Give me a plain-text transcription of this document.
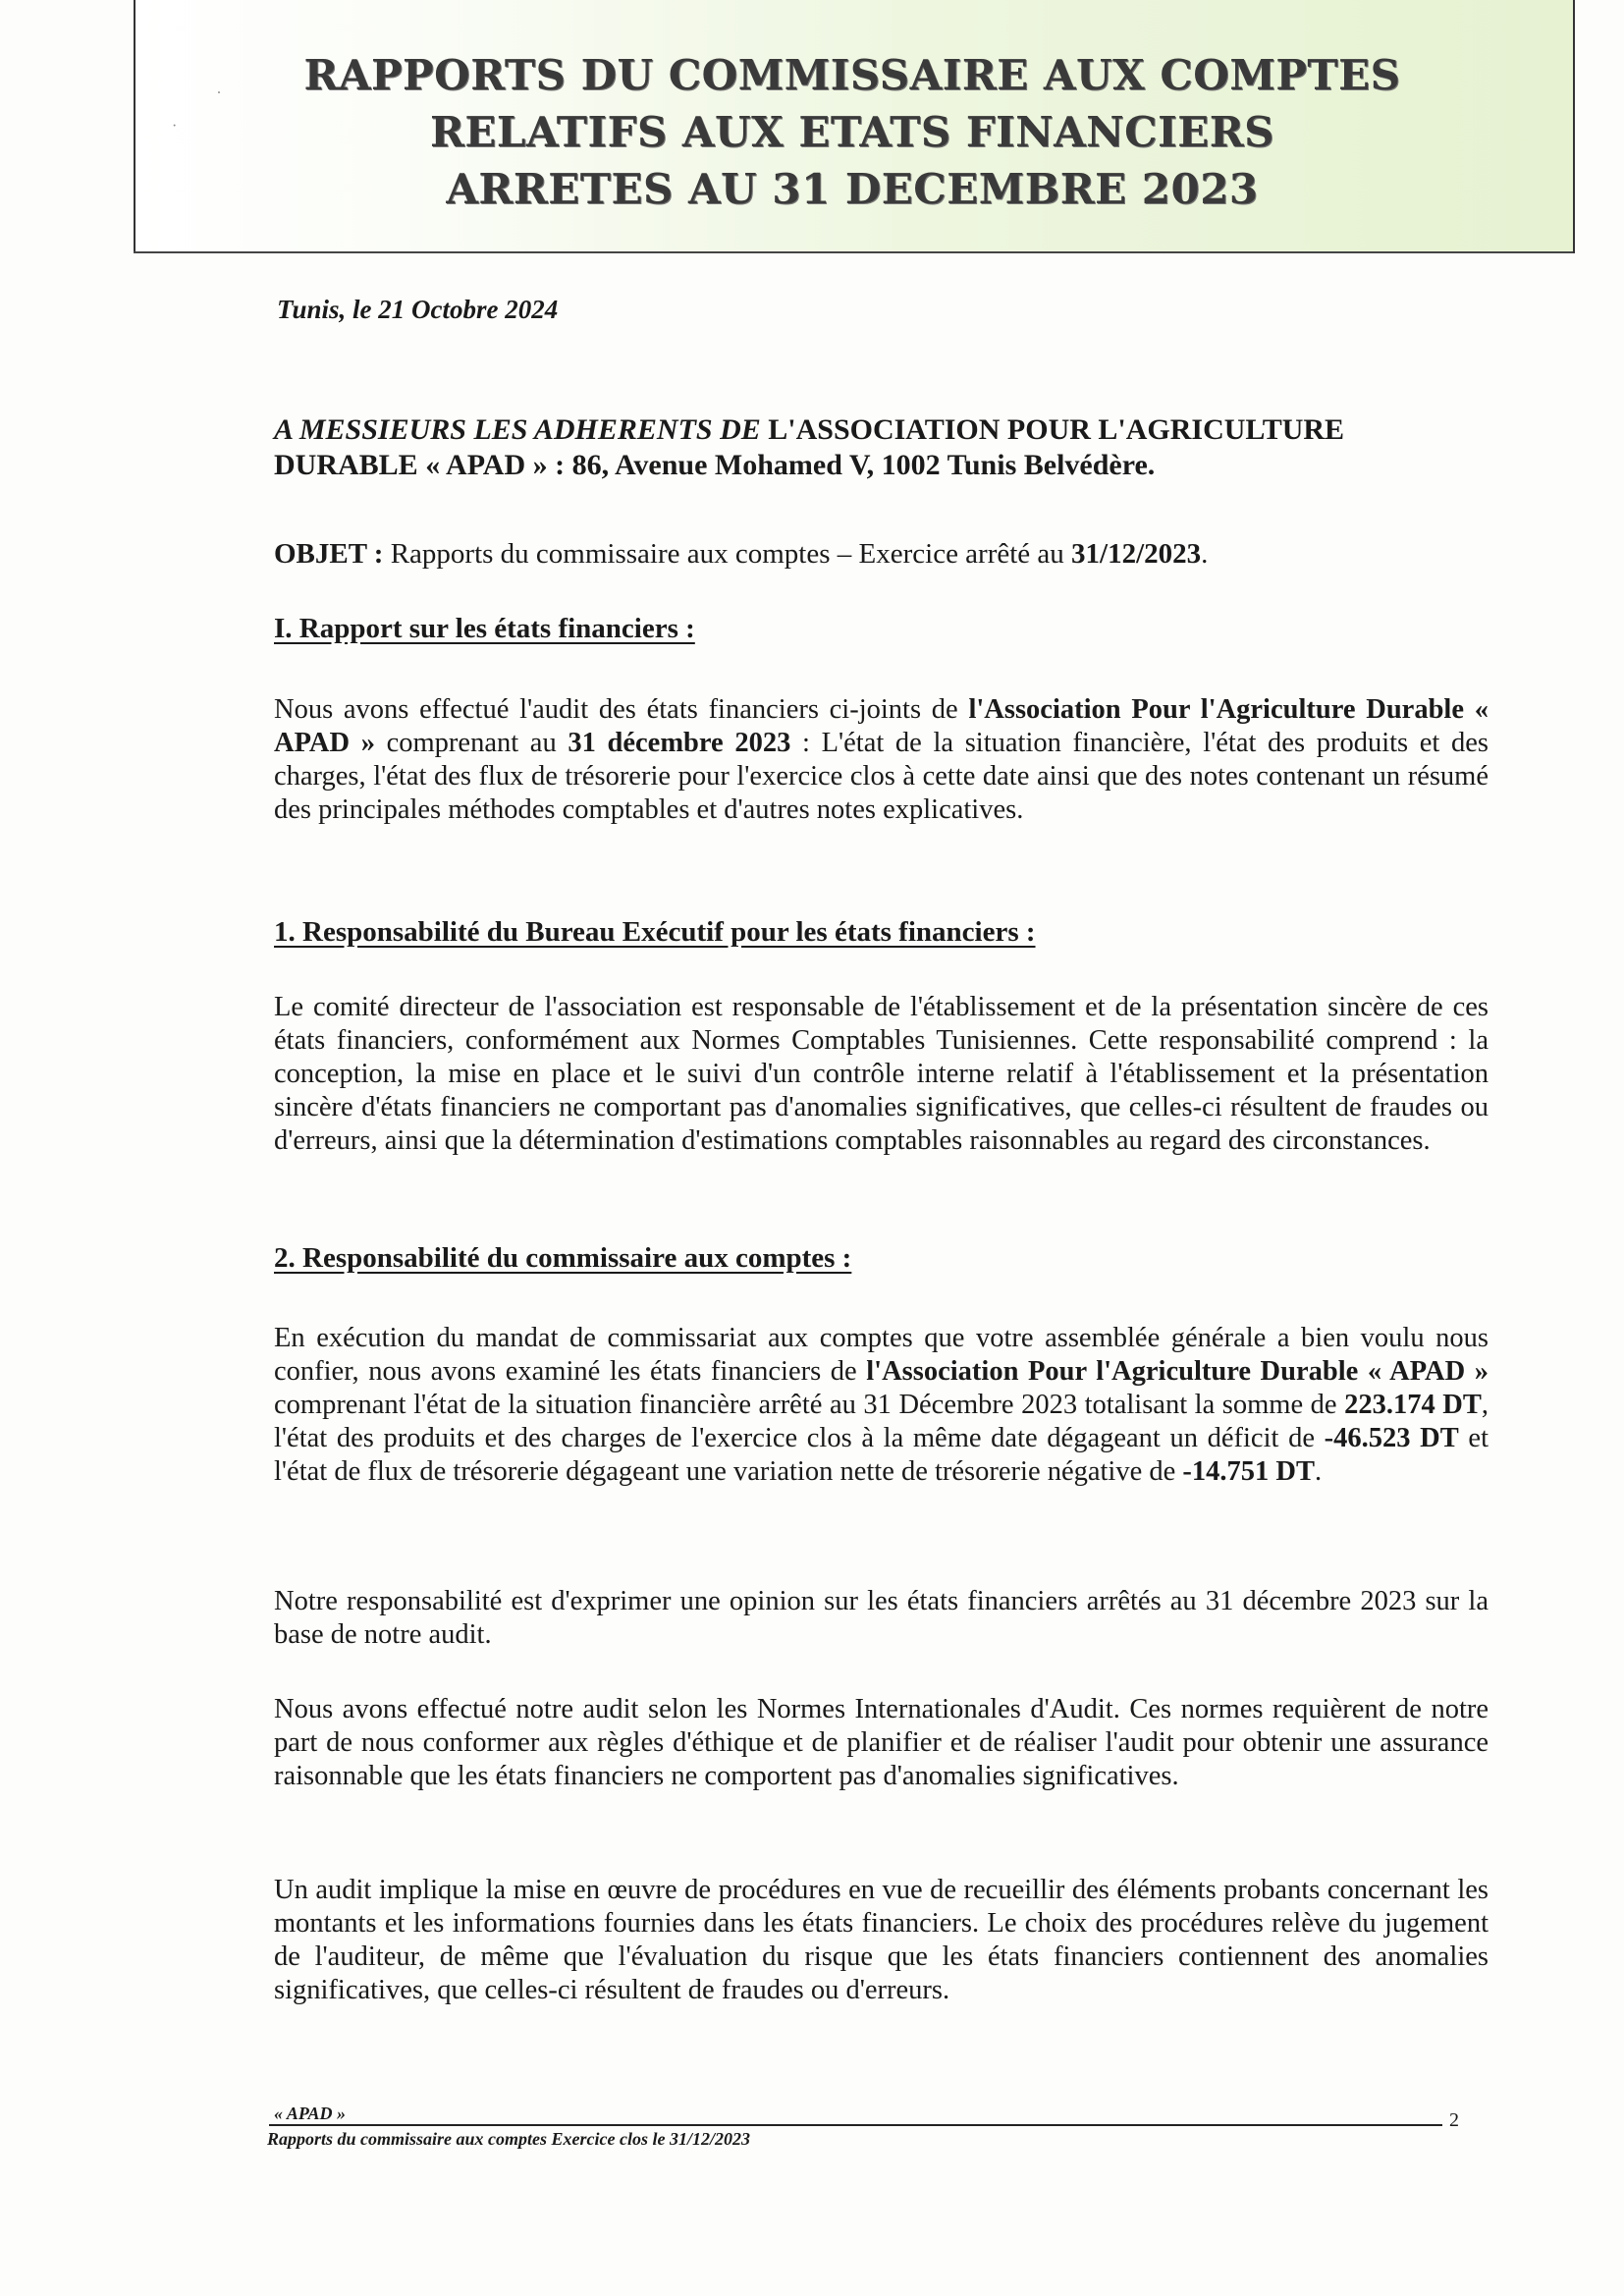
RAPPORTS DU COMMISSAIRE AUX COMPTES
RELATIFS AUX ETATS FINANCIERS
ARRETES AU 31 DECEMBRE 2023
.
·
Tunis, le 21 Octobre 2024
A MESSIEURS LES ADHERENTS DE L'ASSOCIATION POUR L'AGRICULTURE DURABLE « APAD » : 86, Avenue Mohamed V, 1002 Tunis Belvédère.
OBJET : Rapports du commissaire aux comptes – Exercice arrêté au 31/12/2023.
I. Rapport sur les états financiers :
Nous avons effectué l'audit des états financiers ci-joints de l'Association Pour l'Agriculture Durable « APAD » comprenant au 31 décembre 2023 : L'état de la situation financière, l'état des produits et des charges, l'état des flux de trésorerie pour l'exercice clos à cette date ainsi que des notes contenant un résumé des principales méthodes comptables et d'autres notes explicatives.
1. Responsabilité du Bureau Exécutif pour les états financiers :
Le comité directeur de l'association est responsable de l'établissement et de la présentation sincère de ces états financiers, conformément aux Normes Comptables Tunisiennes. Cette responsabilité comprend : la conception, la mise en place et le suivi d'un contrôle interne relatif à l'établissement et la présentation sincère d'états financiers ne comportant pas d'anomalies significatives, que celles-ci résultent de fraudes ou d'erreurs, ainsi que la détermination d'estimations comptables raisonnables au regard des circonstances.
2. Responsabilité du commissaire aux comptes :
En exécution du mandat de commissariat aux comptes que votre assemblée générale a bien voulu nous confier, nous avons examiné les états financiers de l'Association Pour l'Agriculture Durable « APAD » comprenant l'état de la situation financière arrêté au 31 Décembre 2023 totalisant la somme de 223.174 DT, l'état des produits et des charges de l'exercice clos à la même date dégageant un déficit de -46.523 DT et l'état de flux de trésorerie dégageant une variation nette de trésorerie négative de -14.751 DT.
Notre responsabilité est d'exprimer une opinion sur les états financiers arrêtés au 31 décembre 2023 sur la base de notre audit.
Nous avons effectué notre audit selon les Normes Internationales d'Audit. Ces normes requièrent de notre part de nous conformer aux règles d'éthique et de planifier et de réaliser l'audit pour obtenir une assurance raisonnable que les états financiers ne comportent pas d'anomalies significatives.
Un audit implique la mise en œuvre de procédures en vue de recueillir des éléments probants concernant les montants et les informations fournies dans les états financiers. Le choix des procédures relève du jugement de l'auditeur, de même que l'évaluation du risque que les états financiers contiennent des anomalies significatives, que celles-ci résultent de fraudes ou d'erreurs.
« APAD »
Rapports du commissaire aux comptes Exercice clos le 31/12/2023
2
